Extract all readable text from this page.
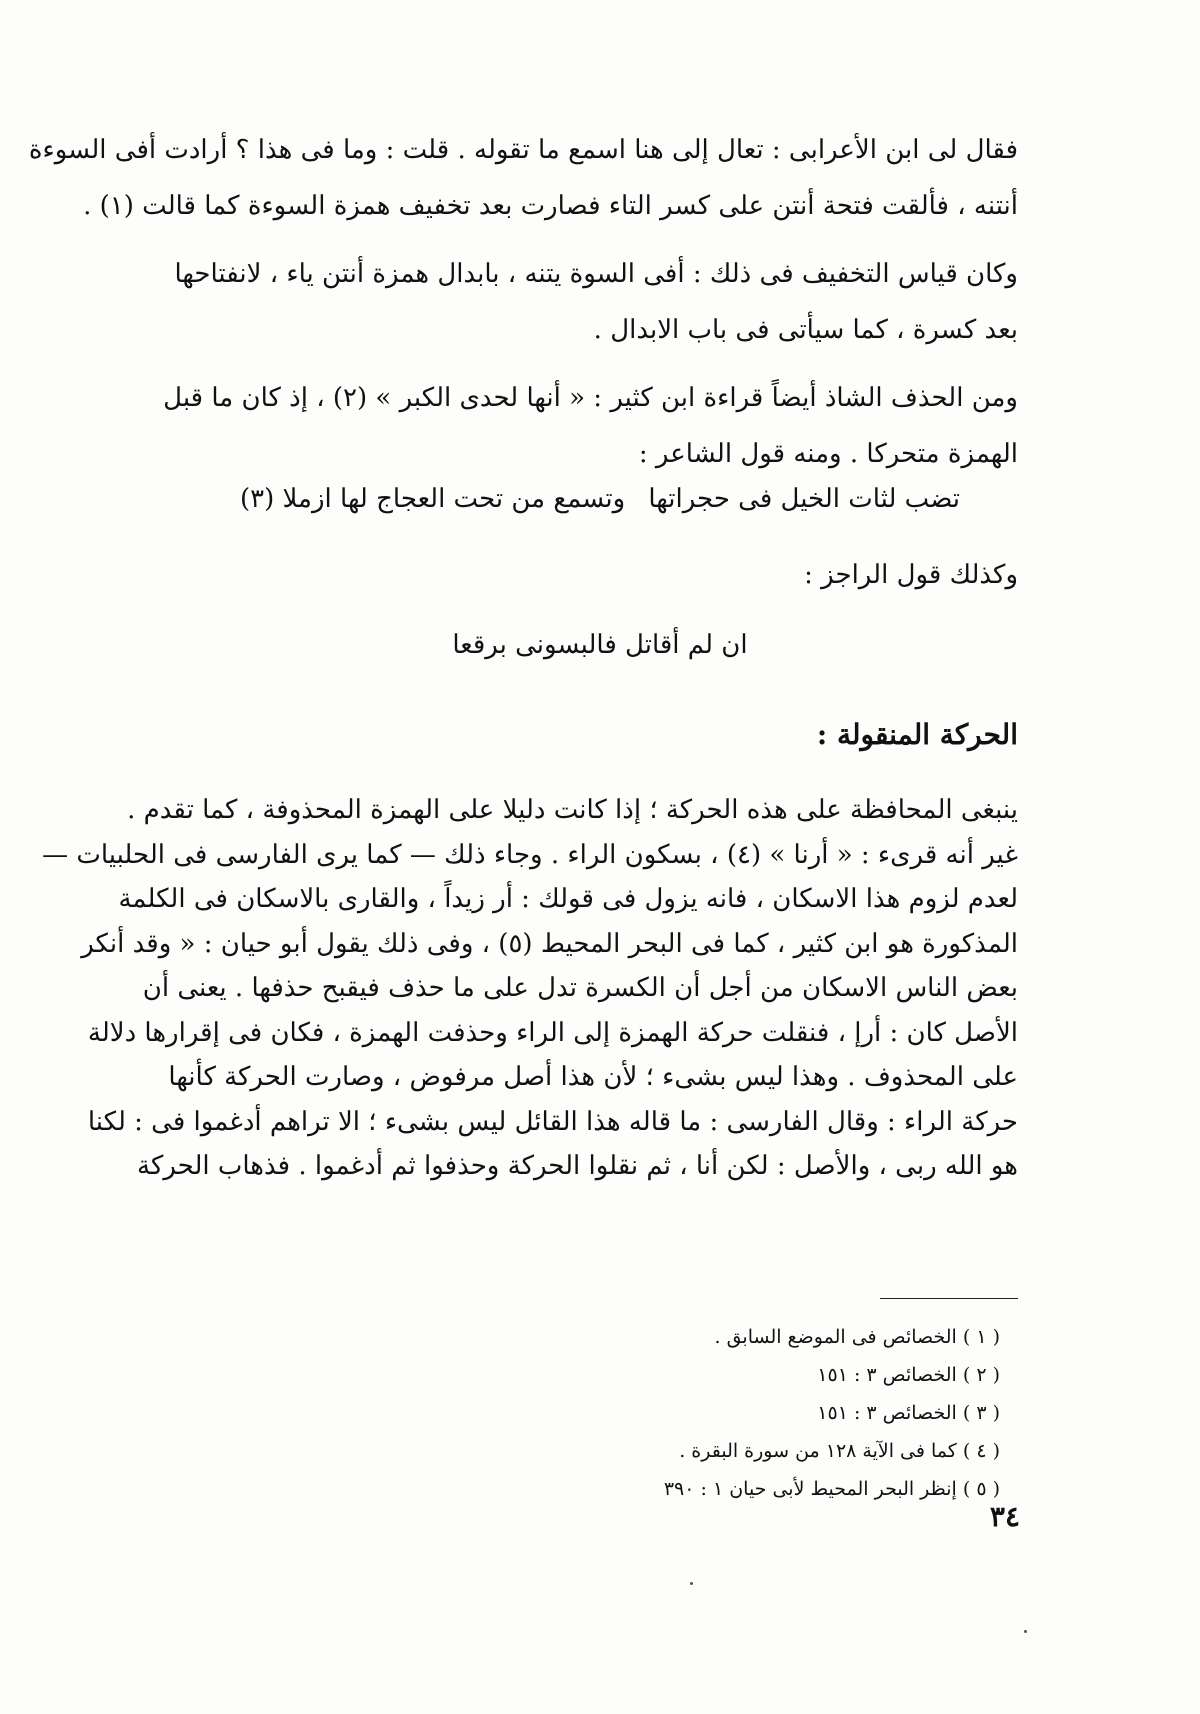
فقال لى ابن الأعرابى : تعال إلى هنا اسمع ما تقوله . قلت : وما فى هذا ؟ أرادت أفى السوءة
أنتنه ، فألقت فتحة أنتن على كسر التاء فصارت بعد تخفيف همزة السوءة كما قالت (١) .
وكان قياس التخفيف فى ذلك : أفى السوة يتنه ، بابدال همزة أنتن ياء ، لانفتاحها
بعد كسرة ، كما سيأتى فى باب الابدال .
ومن الحذف الشاذ أيضاً قراءة ابن كثير : « أنها لحدى الكبر » (٢) ، إذ كان ما قبل
الهمزة متحركا . ومنه قول الشاعر :
تضب لثات الخيل فى حجراتها
وتسمع من تحت العجاج لها ازملا (٣)
وكذلك قول الراجز :
ان لم أقاتل فالبسونى برقعا
الحركة المنقولة :
ينبغى المحافظة على هذه الحركة ؛ إذا كانت دليلا على الهمزة المحذوفة ، كما تقدم .
غير أنه قرىء : « أرنا » (٤) ، بسكون الراء . وجاء ذلك — كما يرى الفارسى فى الحلبيات —
لعدم لزوم هذا الاسكان ، فانه يزول فى قولك : أر زيداً ، والقارى بالاسكان فى الكلمة
المذكورة هو ابن كثير ، كما فى البحر المحيط (٥) ، وفى ذلك يقول أبو حيان : « وقد أنكر
بعض الناس الاسكان من أجل أن الكسرة تدل على ما حذف فيقبح حذفها . يعنى أن
الأصل كان : أرإ ، فنقلت حركة الهمزة إلى الراء وحذفت الهمزة ، فكان فى إقرارها دلالة
على المحذوف . وهذا ليس بشىء ؛ لأن هذا أصل مرفوض ، وصارت الحركة كأنها
حركة الراء : وقال الفارسى : ما قاله هذا القائل ليس بشىء ؛ الا تراهم أدغموا فى : لكنا
هو الله ربى ، والأصل : لكن أنا ، ثم نقلوا الحركة وحذفوا ثم أدغموا . فذهاب الحركة
( ١ ) الخصائص فى الموضع السابق .
( ٢ ) الخصائص ٣ : ١٥١
( ٣ ) الخصائص ٣ : ١٥١
( ٤ ) كما فى الآية ١٢٨ من سورة البقرة .
( ٥ ) إنظر البحر المحيط لأبى حيان ١ : ٣٩٠
٣٤
